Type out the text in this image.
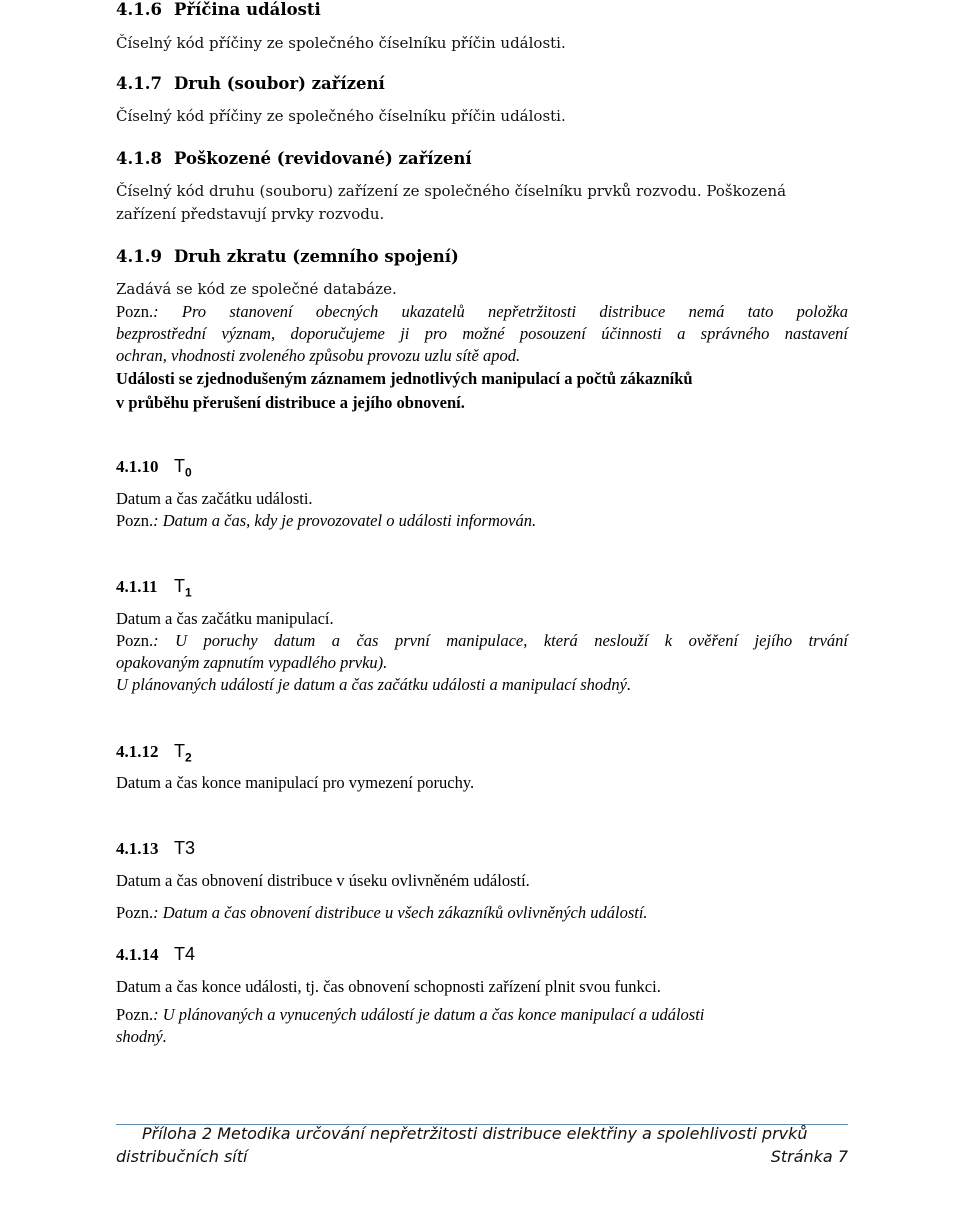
4.1.6 Příčina události
Číselný kód příčiny ze společného číselníku příčin události.
4.1.7 Druh (soubor) zařízení
Číselný kód příčiny ze společného číselníku příčin události.
4.1.8 Poškozené (revidované) zařízení
Číselný kód druhu (souboru) zařízení ze společného číselníku prvků rozvodu. Poškozená
zařízení představují prvky rozvodu.
4.1.9 Druh zkratu (zemního spojení)
Zadává se kód ze společné databáze.
Pozn.: Pro stanovení obecných ukazatelů nepřetržitosti distribuce nemá tato položka
bezprostřední význam, doporučujeme ji pro možné posouzení účinnosti a správného nastavení
ochran, vhodnosti zvoleného způsobu provozu uzlu sítě apod.
Události se zjednodušeným záznamem jednotlivých manipulací a počtů zákazníků
v průběhu přerušení distribuce a jejího obnovení.
4.1.10 $T_0$
Datum a čas začátku události.
Pozn.: Datum a čas, kdy je provozovatel o události informován.
4.1.11 $T_1$
Datum a čas začátku manipulací.
Pozn.: U poruchy datum a čas první manipulace, která neslouží k ověření jejího trvání
opakovaným zapnutím vypadlého prvku).
U plánovaných událostí je datum a čas začátku události a manipulací shodný.
4.1.12 $T_2$
Datum a čas konce manipulací pro vymezení poruchy.
4.1.13 T3
Datum a čas obnovení distribuce v úseku ovlivněném událostí.
Pozn.: Datum a čas obnovení distribuce u všech zákazníků ovlivněných událostí.
4.1.14 T4
Datum a čas konce události, tj. čas obnovení schopnosti zařízení plnit svou funkci.
Pozn.: U plánovaných a vynucených událostí je datum a čas konce manipulací a události
shodný.
Příloha 2 Metodika určování nepřetržitosti distribuce elektřiny a spolehlivosti prvků
distribučních sítí	Stránka 7
